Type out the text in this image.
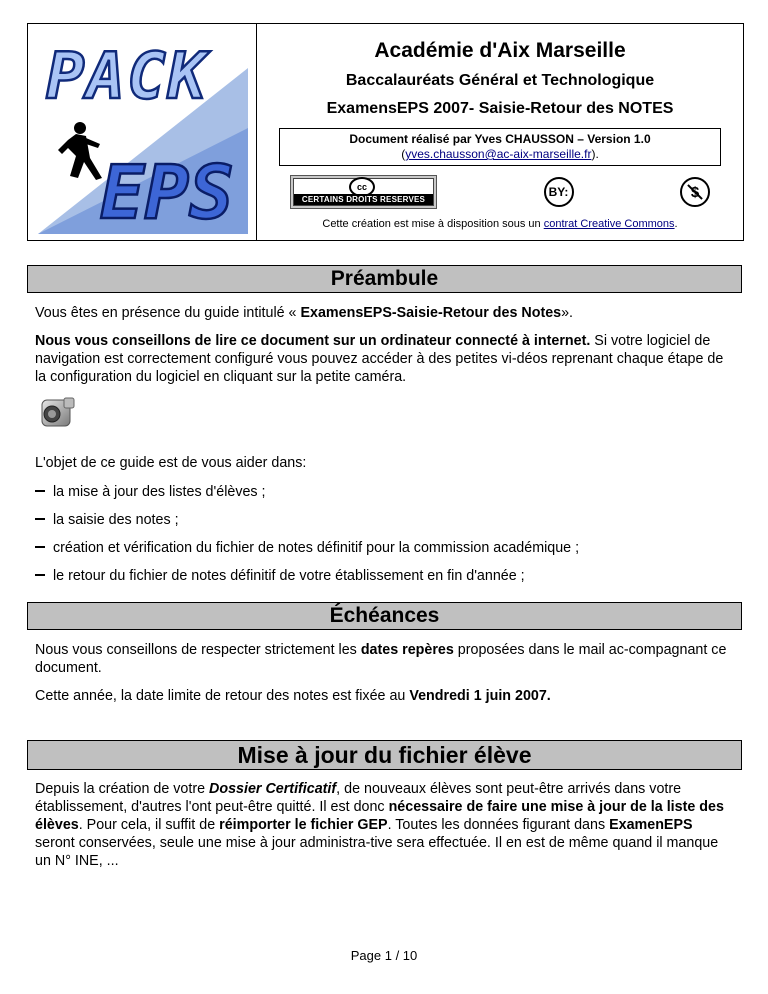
PACK
EPS
Académie d'Aix Marseille
Baccalauréats Général et Technologique
ExamensEPS 2007- Saisie-Retour des NOTES
Document réalisé par Yves CHAUSSON – Version 1.0
(yves.chausson@ac-aix-marseille.fr).
cc
CERTAINS DROITS RESERVES
BY:	$
Cette création est mise à disposition sous un contrat Creative Commons.
Préambule
Vous êtes en présence du guide intitulé « ExamensEPS-Saisie-Retour des Notes».
Nous vous conseillons de lire ce document sur un ordinateur connecté à internet. Si votre logiciel de navigation est correctement configuré vous pouvez accéder à des petites vi-déos reprenant chaque étape de la configuration du logiciel en cliquant sur la petite caméra.
L'objet de ce guide est de vous aider dans:
la mise à jour des listes d'élèves ;
la saisie des notes ;
création et vérification du fichier de notes définitif pour la commission académique ;
le retour du fichier de notes définitif de votre établissement en fin d'année ;
Échéances
Nous vous conseillons de respecter strictement les dates repères proposées dans le mail ac-compagnant ce document.
Cette année, la date limite de retour des notes est fixée au Vendredi 1 juin 2007.
Mise à jour du fichier élève
Depuis la création de votre Dossier Certificatif, de nouveaux élèves sont peut-être arrivés dans votre établissement, d'autres l'ont peut-être quitté. Il est donc nécessaire de faire une mise à jour de la liste des élèves. Pour cela, il suffit de réimporter le fichier GEP. Toutes les données figurant dans ExamenEPS seront conservées, seule une mise à jour administra-tive sera effectuée. Il en est de même quand il manque un N° INE, ...
Page 1 / 10
